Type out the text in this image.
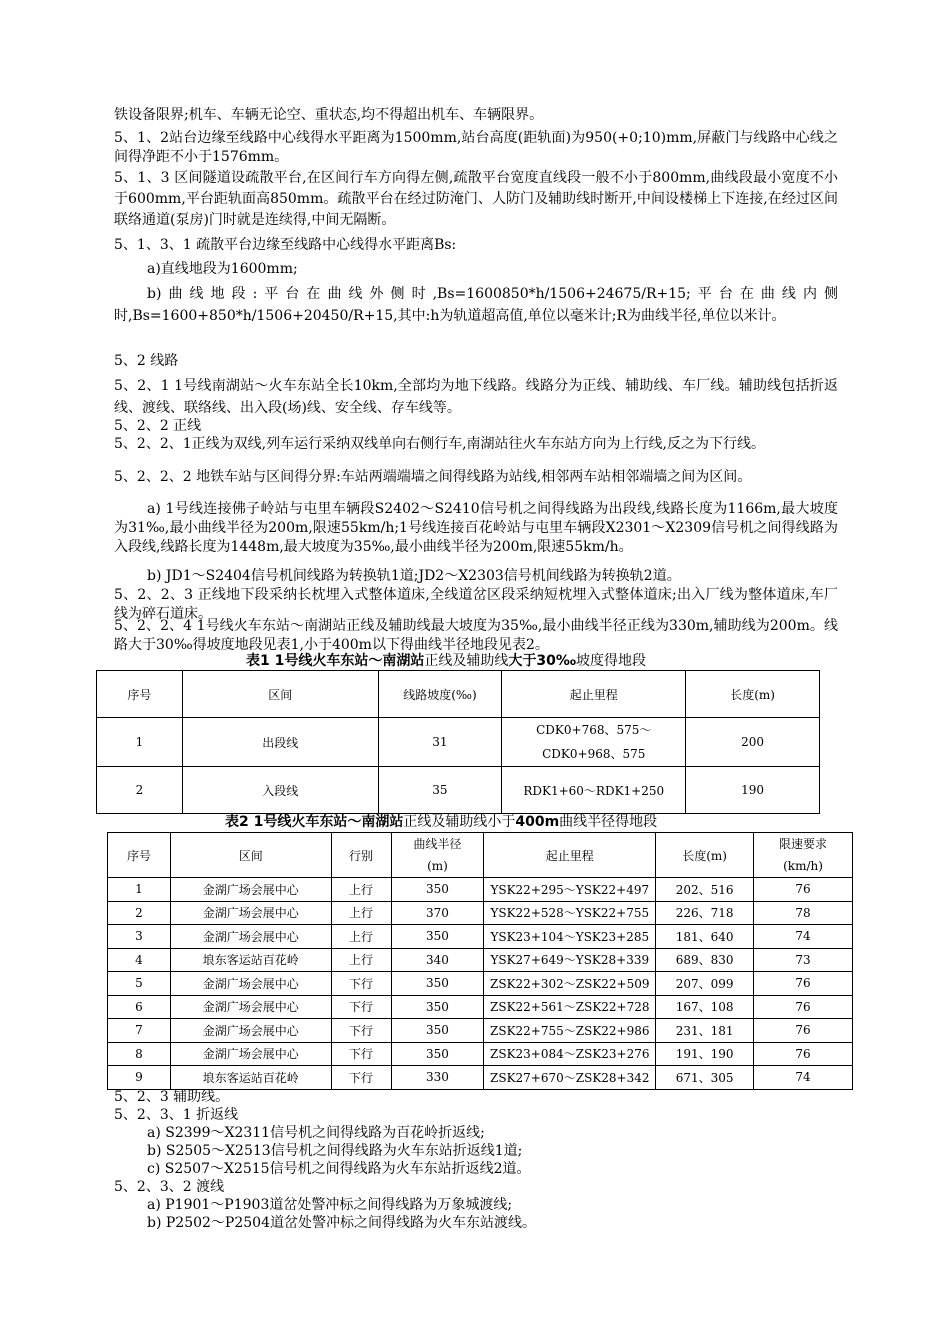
铁设备限界;机车、车辆无论空、重状态,均不得超出机车、车辆限界。

5、1、2站台边缘至线路中心线得水平距离为1500mm,站台高度(距轨面)为950(+0;10)mm,屏蔽门与线路中心线之间得净距不小于1576mm。

5、1、3 区间隧道设疏散平台,在区间行车方向得左侧,疏散平台宽度直线段一般不小于800mm,曲线段最小宽度不小于600mm,平台距轨面高850mm。疏散平台在经过防淹门、人防门及辅助线时断开,中间设楼梯上下连接,在经过区间联络通道(泵房)门时就是连续得,中间无隔断。

5、1、3、1 疏散平台边缘至线路中心线得水平距离Bs:

a)直线地段为1600mm;

b)曲线地段:平台在曲线外侧时,Bs=1600850*h/1506+24675/R+15;平台在曲线内侧时,Bs=1600+850*h/1506+20450/R+15,其中:h为轨道超高值,单位以毫米计;R为曲线半径,单位以米计。

5、2 线路

5、2、1 1号线南湖站～火车东站全长10km,全部均为地下线路。线路分为正线、辅助线、车厂线。辅助线包括折返线、渡线、联络线、出入段(场)线、安全线、存车线等。

5、2、2 正线

5、2、2、1正线为双线,列车运行采纳双线单向右侧行车,南湖站往火车东站方向为上行线,反之为下行线。

5、2、2、2 地铁车站与区间得分界:车站两端端墙之间得线路为站线,相邻两车站相邻端墙之间为区间。

a) 1号线连接佛子岭站与屯里车辆段S2402～S2410信号机之间得线路为出段线,线路长度为1166m,最大坡度为31‰,最小曲线半径为200m,限速55km/h;1号线连接百花岭站与屯里车辆段X2301～X2309信号机之间得线路为入段线,线路长度为1448m,最大坡度为35‰,最小曲线半径为200m,限速55km/h。

b) JD1～S2404信号机间线路为转换轨1道;JD2～X2303信号机间线路为转换轨2道。

5、2、2、3 正线地下段采纳长枕埋入式整体道床,全线道岔区段采纳短枕埋入式整体道床;出入厂线为整体道床,车厂线为碎石道床。

5、2、2、4 1号线火车东站～南湖站正线及辅助线最大坡度为35‰,最小曲线半径正线为330m,辅助线为200m。线路大于30‰得坡度地段见表1,小于400m以下得曲线半径地段见表2。

表1 1号线火车东站～南湖站正线及辅助线大于30‰坡度得地段
序号	区间	线路坡度(‰)	起止里程	长度(m)
1	出段线	31	CDK0+768、575～
CDK0+968、575	200
2	入段线	35	RDK1+60～RDK1+250	190
表2 1号线火车东站～南湖站正线及辅助线小于400m曲线半径得地段
序号	区间	行别	曲线半径
(m)	起止里程	长度(m)	限速要求
(km/h)
1	金湖广场会展中心	上行	350	YSK22+295～YSK22+497	202、516	76
2	金湖广场会展中心	上行	370	YSK22+528～YSK22+755	226、718	78
3	金湖广场会展中心	上行	350	YSK23+104～YSK23+285	181、640	74
4	埌东客运站百花岭	上行	340	YSK27+649～YSK28+339	689、830	73
5	金湖广场会展中心	下行	350	ZSK22+302～ZSK22+509	207、099	76
6	金湖广场会展中心	下行	350	ZSK22+561～ZSK22+728	167、108	76
7	金湖广场会展中心	下行	350	ZSK22+755～ZSK22+986	231、181	76
8	金湖广场会展中心	下行	350	ZSK23+084～ZSK23+276	191、190	76
9	埌东客运站百花岭	下行	330	ZSK27+670～ZSK28+342	671、305	74

5、2、3 辅助线。

5、2、3、1 折返线

a) S2399～X2311信号机之间得线路为百花岭折返线;

b) S2505～X2513信号机之间得线路为火车东站折返线1道;

c) S2507～X2515信号机之间得线路为火车东站折返线2道。

5、2、3、2 渡线

a) P1901～P1903道岔处警冲标之间得线路为万象城渡线;

b) P2502～P2504道岔处警冲标之间得线路为火车东站渡线。
